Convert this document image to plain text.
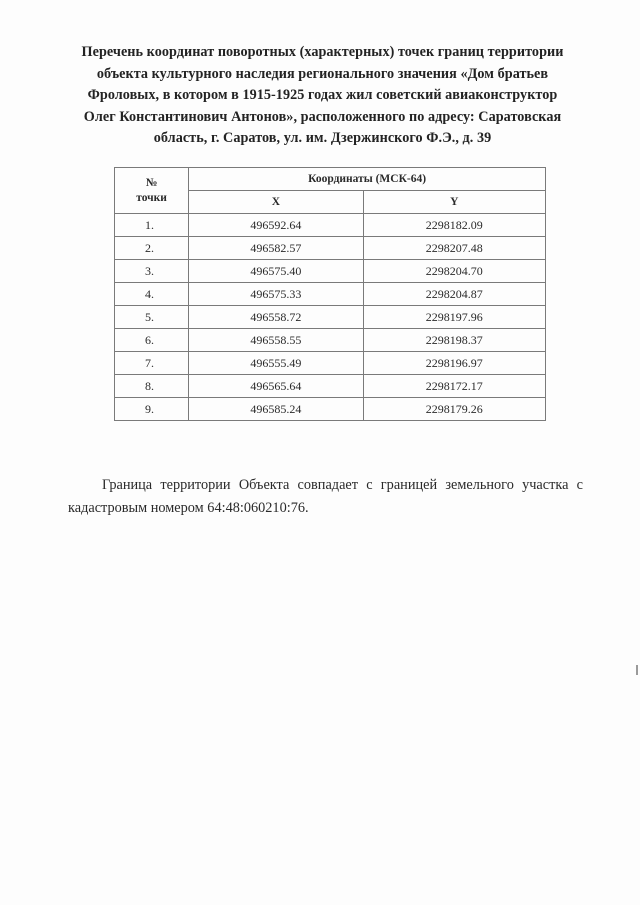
Перечень координат поворотных (характерных) точек границ территории
объекта культурного наследия регионального значения «Дом братьев
Фроловых, в котором в 1915-1925 годах жил советский авиаконструктор
Олег Константинович Антонов», расположенного по адресу: Саратовская
область, г. Саратов, ул. им. Дзержинского Ф.Э., д. 39
№
точки	Координаты (МСК-64)	
	X	Y
1.	496592.64	2298182.09
2.	496582.57	2298207.48
3.	496575.40	2298204.70
4.	496575.33	2298204.87
5.	496558.72	2298197.96
6.	496558.55	2298198.37
7.	496555.49	2298196.97
8.	496565.64	2298172.17
9.	496585.24	2298179.26

Граница территории Объекта совпадает с границей земельного участка с кадастровым номером 64:48:060210:76.
